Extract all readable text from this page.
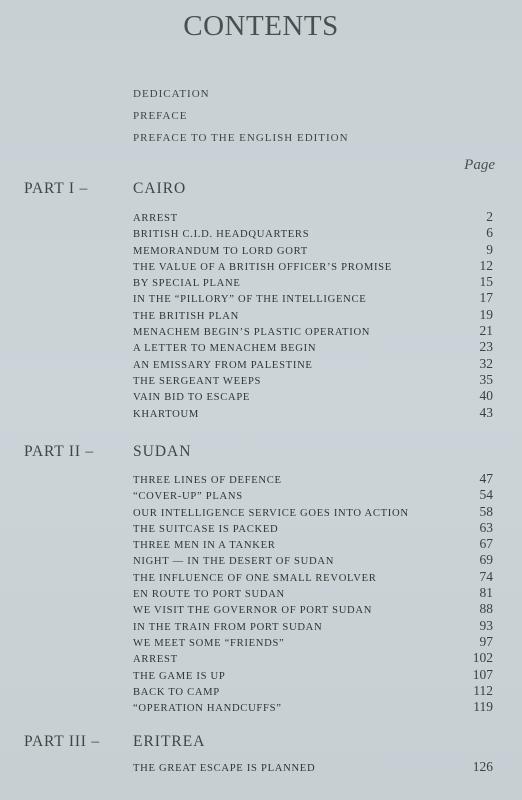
CONTENTS
DEDICATION
PREFACE
PREFACE TO THE ENGLISH EDITION
Page
PART I –	CAIRO
ARREST	2
BRITISH C.I.D. HEADQUARTERS	6
MEMORANDUM TO LORD GORT	9
THE VALUE OF A BRITISH OFFICER’S PROMISE	12
BY SPECIAL PLANE	15
IN THE “PILLORY” OF THE INTELLIGENCE	17
THE BRITISH PLAN	19
MENACHEM BEGIN’S PLASTIC OPERATION	21
A LETTER TO MENACHEM BEGIN	23
AN EMISSARY FROM PALESTINE	32
THE SERGEANT WEEPS	35
VAIN BID TO ESCAPE	40
KHARTOUM	43
PART II –	SUDAN
THREE LINES OF DEFENCE	47
“COVER-UP” PLANS	54
OUR INTELLIGENCE SERVICE GOES INTO ACTION	58
THE SUITCASE IS PACKED	63
THREE MEN IN A TANKER	67
NIGHT — IN THE DESERT OF SUDAN	69
THE INFLUENCE OF ONE SMALL REVOLVER	74
EN ROUTE TO PORT SUDAN	81
WE VISIT THE GOVERNOR OF PORT SUDAN	88
IN THE TRAIN FROM PORT SUDAN	93
WE MEET SOME “FRIENDS”	97
ARREST	102
THE GAME IS UP	107
BACK TO CAMP	112
“OPERATION HANDCUFFS”	119
PART III – ERITREA
THE GREAT ESCAPE IS PLANNED	126
